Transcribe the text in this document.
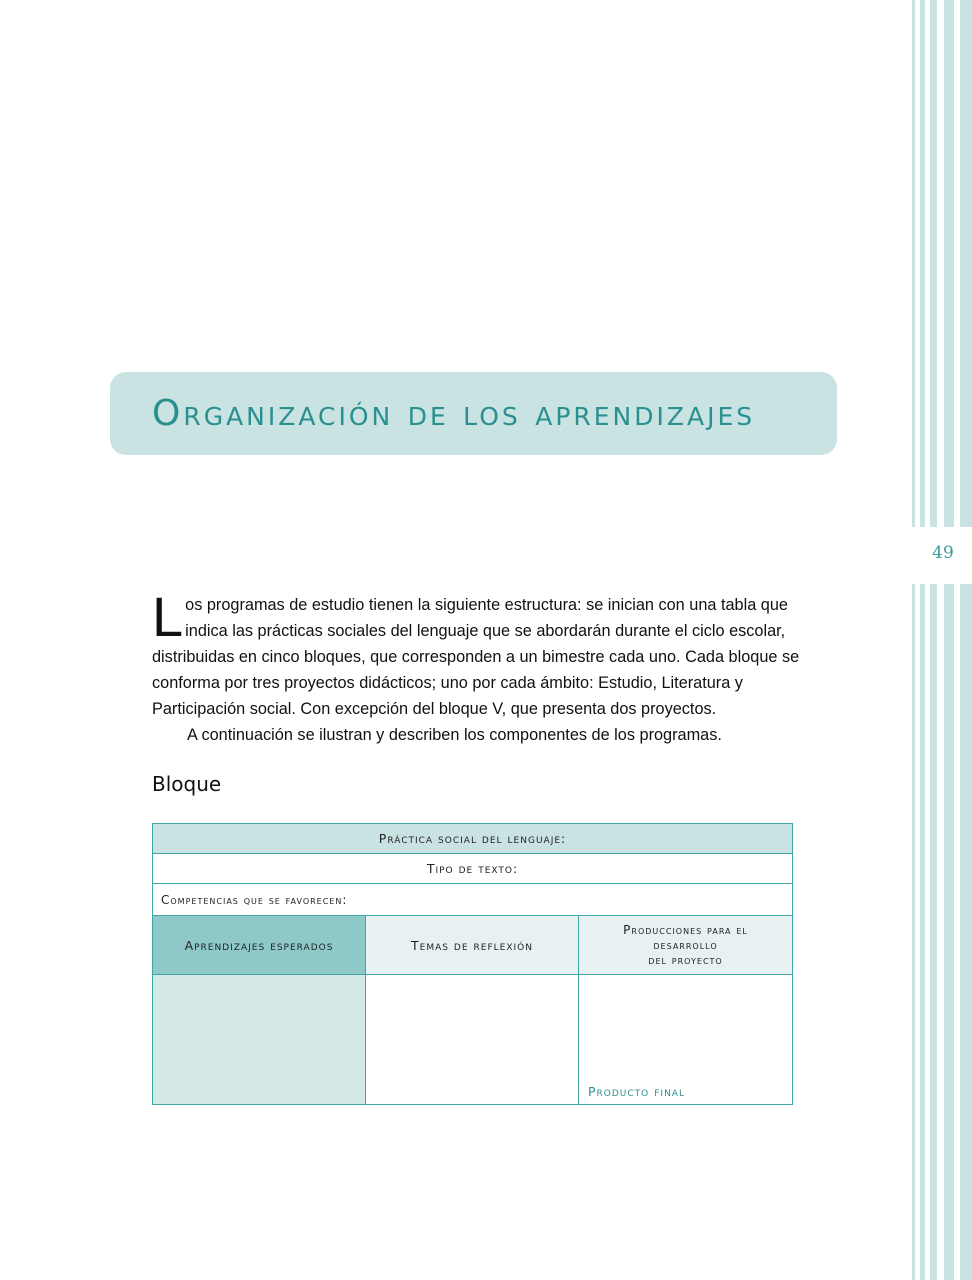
49
Organización de los aprendizajes

Los programas de estudio tienen la siguiente estructura: se inician con una tabla que indica las prácticas sociales del lenguaje que se abordarán durante el ciclo escolar, distribuidas en cinco bloques, que corresponden a un bimestre cada uno. Cada bloque se conforma por tres proyectos didácticos; uno por cada ámbito: Estudio, Literatura y Participación social. Con excepción del bloque V, que presenta dos proyectos.

A continuación se ilustran y describen los componentes de los programas.

Bloque
Práctica social del lenguaje:		
Tipo de texto:		
Competencias que se favorecen:		
Aprendizajes esperados	Temas de reflexión	Producciones para el
desarrollo
del proyecto

		Producto final
